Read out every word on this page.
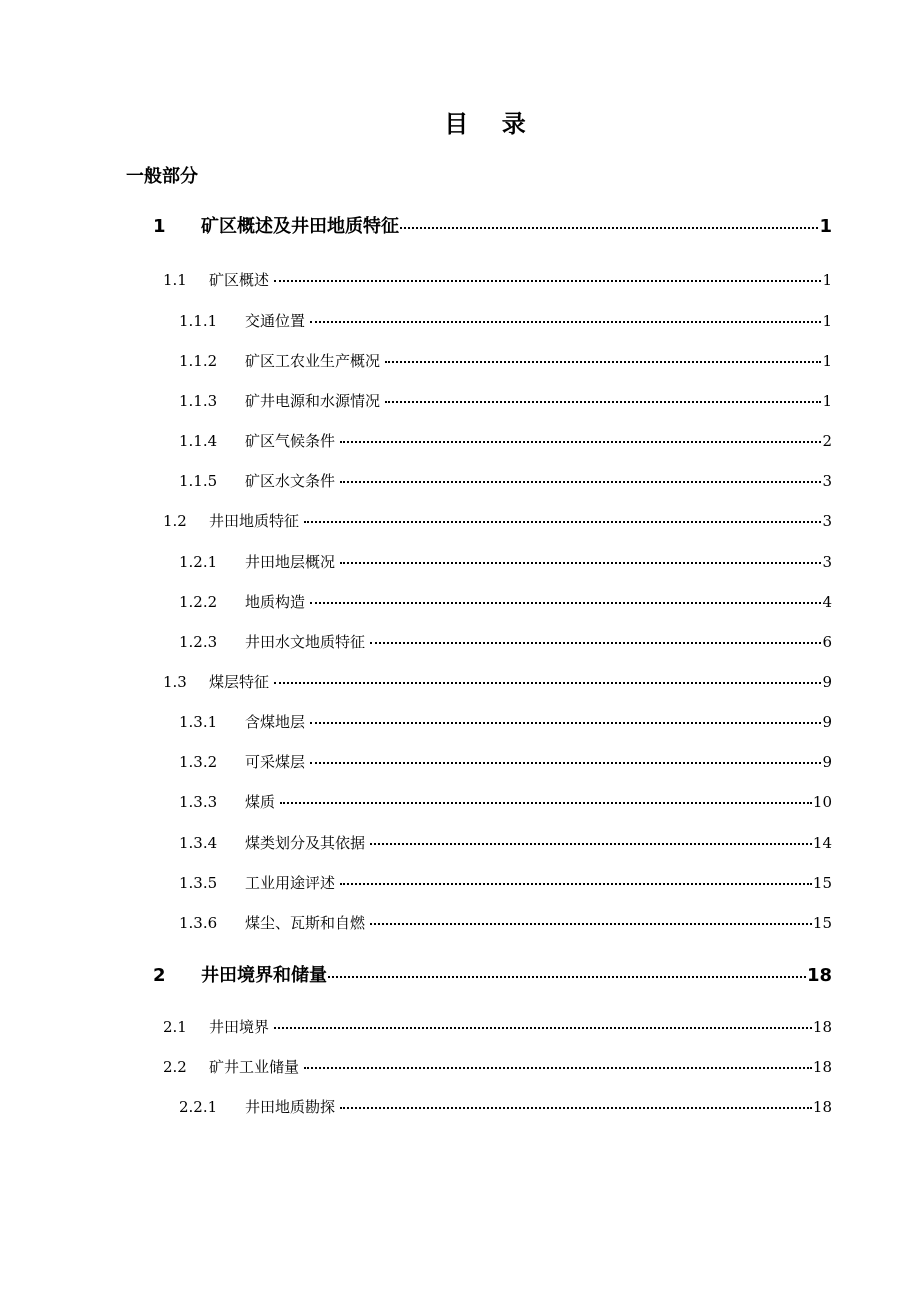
目    录
一般部分
1	矿区概述及井田地质特征	1
1.1	矿区概述	1
1.1.1	交通位置	1
1.1.2	矿区工农业生产概况	1
1.1.3	矿井电源和水源情况	1
1.1.4	矿区气候条件	2
1.1.5	矿区水文条件	3
1.2	井田地质特征	3
1.2.1	井田地层概况	3
1.2.2	地质构造	4
1.2.3	井田水文地质特征	6
1.3	煤层特征	9
1.3.1	含煤地层	9
1.3.2	可采煤层	9
1.3.3	煤质	10
1.3.4	煤类划分及其依据	14
1.3.5	工业用途评述	15
1.3.6	煤尘、瓦斯和自燃	15
2	井田境界和储量	18
2.1	井田境界	18
2.2	矿井工业储量	18
2.2.1	井田地质勘探	18
